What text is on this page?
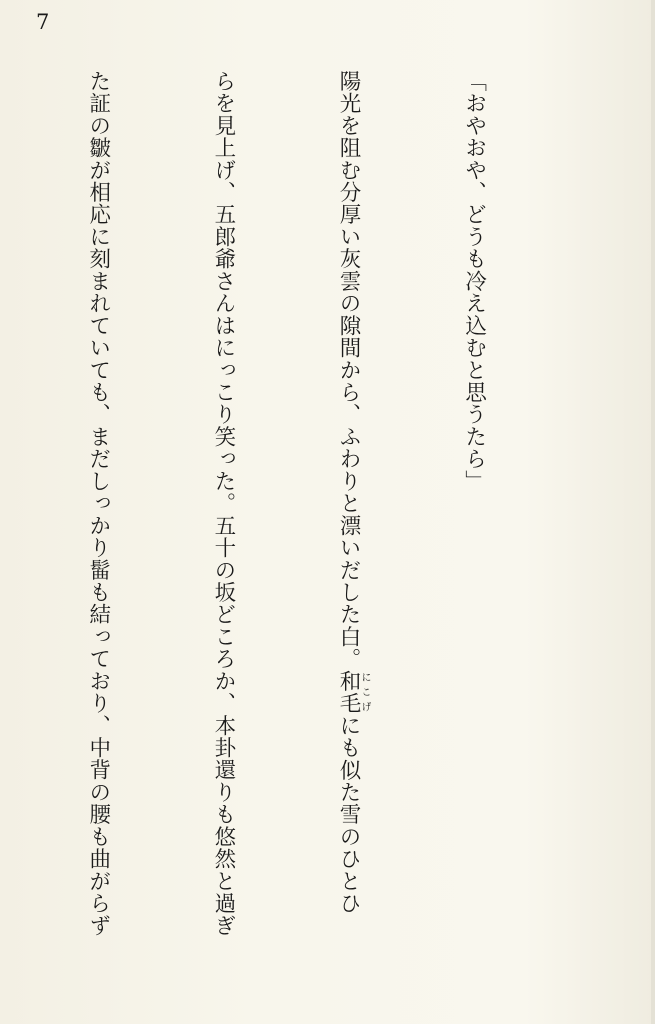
7

「おやおや、どうも冷え込むと思うたら」

陽光を阻む分厚い灰雲の隙間から、ふわりと漂いだした白。和毛にこげにも似た雪のひとひ

らを見上げ、五郎爺さんはにっこり笑った。五十の坂どころか、本卦還りも悠然と過ぎ

た証の皺が相応に刻まれていても、まだしっかり髷も結っており、中背の腰も曲がらず
